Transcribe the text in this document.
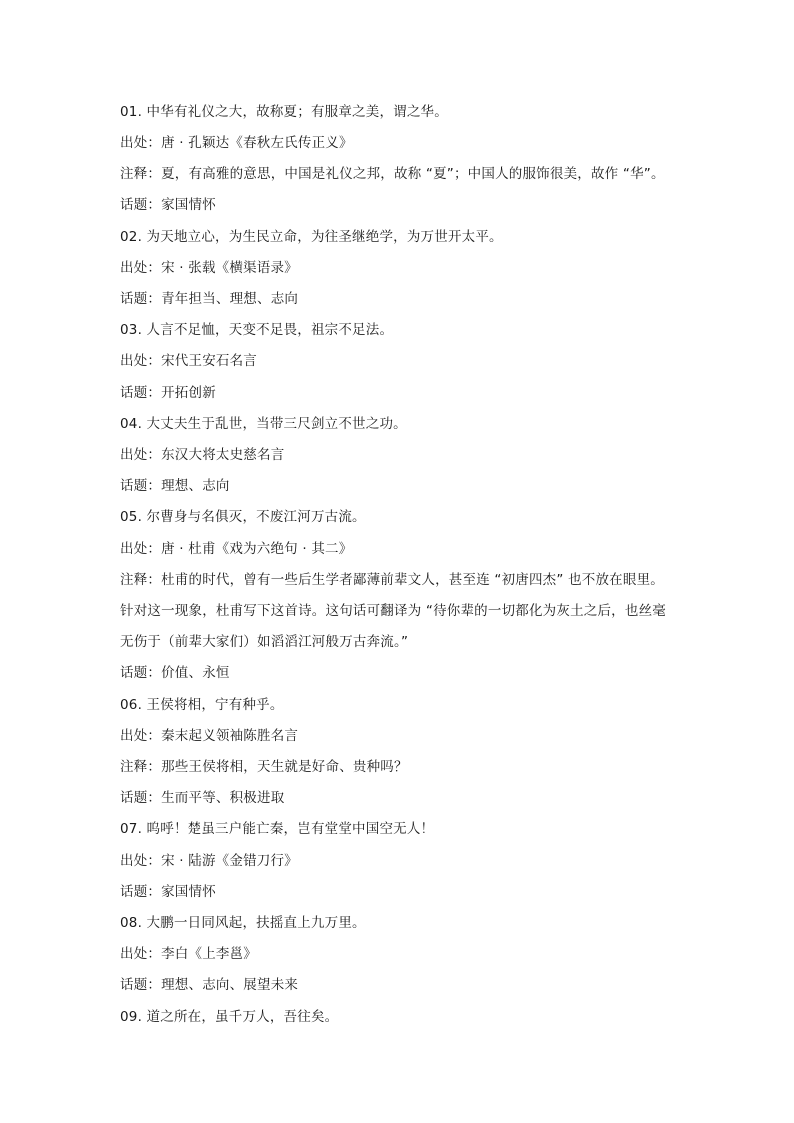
01. 中华有礼仪之大，故称夏；有服章之美，谓之华。
出处：唐 · 孔颖达《春秋左氏传正义》
注释：夏，有高雅的意思，中国是礼仪之邦，故称 “夏”；中国人的服饰很美，故作 “华”。
话题：家国情怀
02. 为天地立心，为生民立命，为往圣继绝学，为万世开太平。
出处：宋 · 张载《横渠语录》
话题：青年担当、理想、志向
03. 人言不足恤，天变不足畏，祖宗不足法。
出处：宋代王安石名言
话题：开拓创新
04. 大丈夫生于乱世，当带三尺剑立不世之功。
出处：东汉大将太史慈名言
话题：理想、志向
05. 尔曹身与名俱灭，不废江河万古流。
出处：唐 · 杜甫《戏为六绝句 · 其二》
注释：杜甫的时代，曾有一些后生学者鄙薄前辈文人，甚至连 “初唐四杰” 也不放在眼里。
针对这一现象，杜甫写下这首诗。这句话可翻译为 “待你辈的一切都化为灰土之后，也丝毫
无伤于（前辈大家们）如滔滔江河般万古奔流。”
话题：价值、永恒
06. 王侯将相，宁有种乎。
出处：秦末起义领袖陈胜名言
注释：那些王侯将相，天生就是好命、贵种吗？
话题：生而平等、积极进取
07. 呜呼！楚虽三户能亡秦，岂有堂堂中国空无人！
出处：宋 · 陆游《金错刀行》
话题：家国情怀
08. 大鹏一日同风起，扶摇直上九万里。
出处：李白《上李邕》
话题：理想、志向、展望未来
09. 道之所在，虽千万人，吾往矣。
